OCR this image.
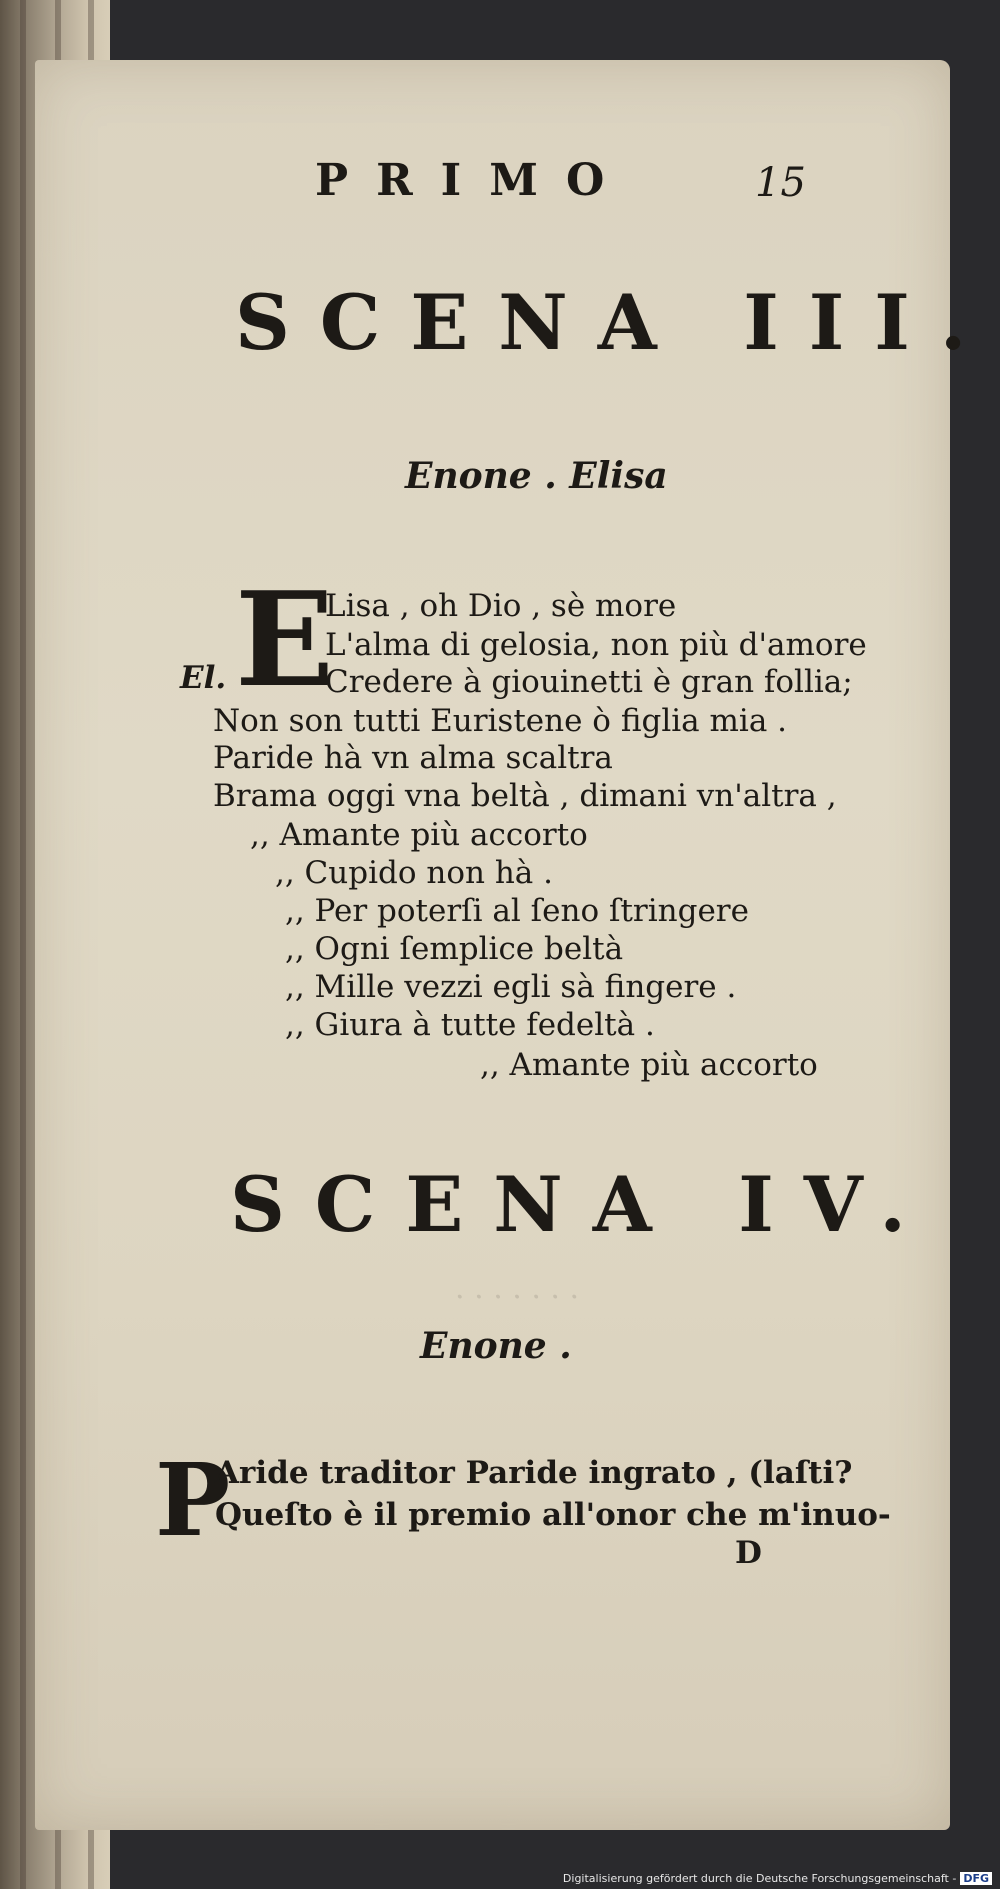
PRIMO	15
SCENA III.
Enone . Elisa
E
El.
Lisa , oh Dio , sè more
L'alma di gelosia, non più d'amore
Credere à giouinetti è gran follia;
Non son tutti Euristene ò figlia mia .
Paride hà vn alma scaltra
Brama oggi vna beltà , dimani vn'altra ,
,, Amante più accorto
,, Cupido non hà .
,, Per poterſi al ſeno ſtringere
,, Ogni ſemplice beltà
,, Mille vezzi egli sà fingere .
,, Giura à tutte fedeltà .
,, Amante più accorto
· · · · · · ·
SCENA IV.
Enone .
P
Aride traditor Paride ingrato , (laſti?
Queſto è il premio all'onor che m'inuo-
D
Digitalisierung gefördert durch die Deutsche Forschungsgemeinschaft - DFG
